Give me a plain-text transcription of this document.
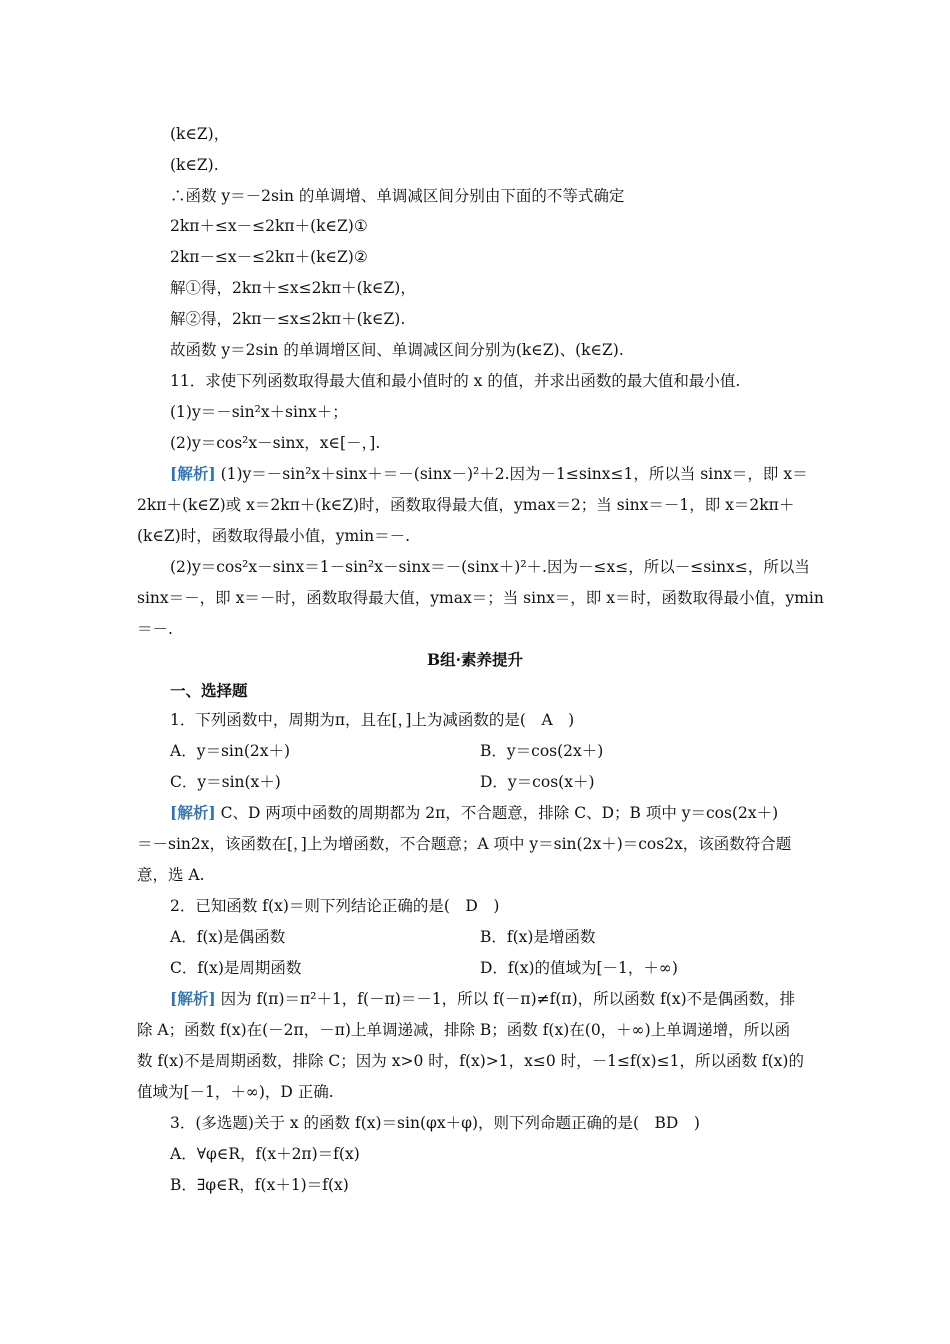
(k∈Z)，
(k∈Z).
∴函数 y＝－2sin 的单调增、单调减区间分别由下面的不等式确定
2kπ＋≤x－≤2kπ＋(k∈Z)①
2kπ－≤x－≤2kπ＋(k∈Z)②
解①得，2kπ＋≤x≤2kπ＋(k∈Z)，
解②得，2kπ－≤x≤2kπ＋(k∈Z).
故函数 y＝2sin 的单调增区间、单调减区间分别为(k∈Z)、(k∈Z).
11．求使下列函数取得最大值和最小值时的 x 的值，并求出函数的最大值和最小值.
(1)y＝－sin²x＋sinx＋；
(2)y＝cos²x－sinx，x∈[－，].
[解析] (1)y＝－sin²x＋sinx＋＝－(sinx－)²＋2.因为－1≤sinx≤1，所以当 sinx＝，即 x＝
2kπ＋(k∈Z)或 x＝2kπ＋(k∈Z)时，函数取得最大值，ymax＝2；当 sinx＝－1，即 x＝2kπ＋
(k∈Z)时，函数取得最小值，ymin＝－.
(2)y＝cos²x－sinx＝1－sin²x－sinx＝－(sinx＋)²＋.因为－≤x≤，所以－≤sinx≤，所以当
sinx＝－，即 x＝－时，函数取得最大值，ymax＝；当 sinx＝，即 x＝时，函数取得最小值，ymin
＝－.
B组·素养提升
一、选择题
1．下列函数中，周期为π，且在[，]上为减函数的是(　A　)
A．y＝sin(2x＋)	B．y＝cos(2x＋)
C．y＝sin(x＋)	D．y＝cos(x＋)
[解析] C、D 两项中函数的周期都为 2π，不合题意，排除 C、D；B 项中 y＝cos(2x＋)
＝－sin2x，该函数在[，]上为增函数，不合题意；A 项中 y＝sin(2x＋)＝cos2x，该函数符合题
意，选 A.
2．已知函数 f(x)＝则下列结论正确的是(　D　)
A．f(x)是偶函数	B．f(x)是增函数
C．f(x)是周期函数	D．f(x)的值域为[－1，＋∞)
[解析] 因为 f(π)＝π²＋1，f(－π)＝－1，所以 f(－π)≠f(π)，所以函数 f(x)不是偶函数，排
除 A；函数 f(x)在(－2π，－π)上单调递减，排除 B；函数 f(x)在(0，＋∞)上单调递增，所以函
数 f(x)不是周期函数，排除 C；因为 x>0 时，f(x)>1，x≤0 时，－1≤f(x)≤1，所以函数 f(x)的
值域为[－1，＋∞)，D 正确.
3．(多选题)关于 x 的函数 f(x)＝sin(φx＋φ)，则下列命题正确的是(　BD　)
A．∀φ∈R，f(x＋2π)＝f(x)
B．∃φ∈R，f(x＋1)＝f(x)
